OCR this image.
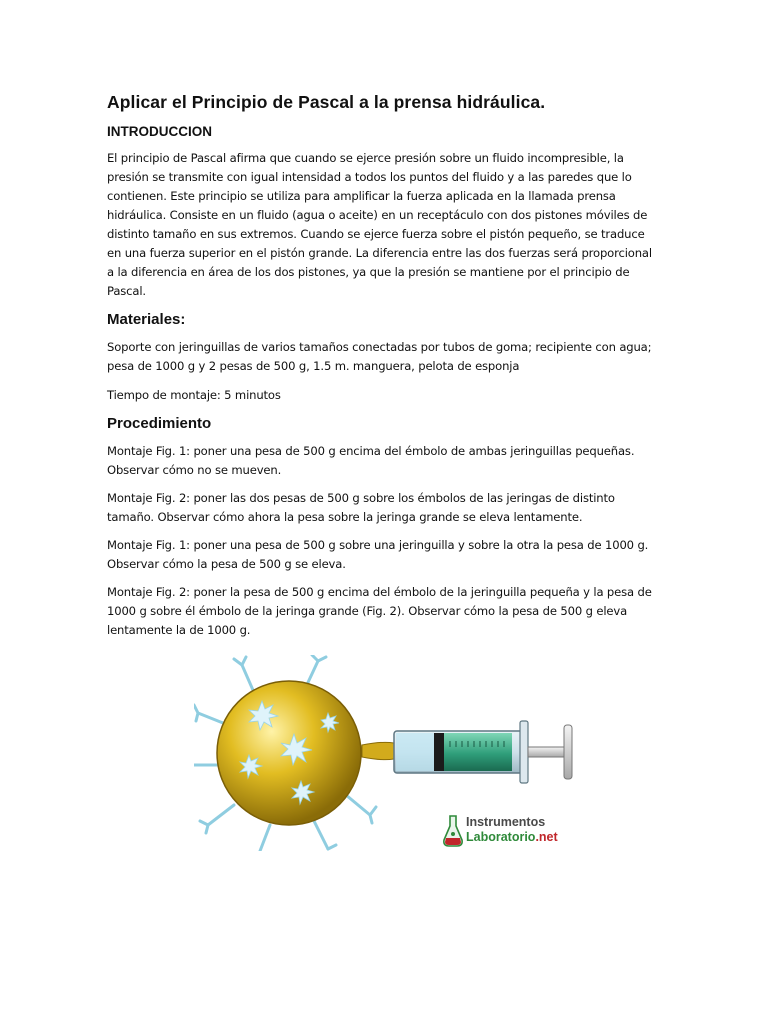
Aplicar el Principio de Pascal a la prensa hidráulica.
INTRODUCCION

El principio de Pascal afirma que cuando se ejerce presión sobre un fluido incompresible, la presión se transmite con igual intensidad a todos los puntos del fluido y a las paredes que lo contienen. Este principio se utiliza para amplificar la fuerza aplicada en la llamada prensa hidráulica. Consiste en un fluido (agua o aceite) en un receptáculo con dos pistones móviles de distinto tamaño en sus extremos. Cuando se ejerce fuerza sobre el pistón pequeño, se traduce en una fuerza superior en el pistón grande. La diferencia entre las dos fuerzas será proporcional a la diferencia en área de los dos pistones, ya que la presión se mantiene por el principio de Pascal.

Materiales:

Soporte con jeringuillas de varios tamaños conectadas por tubos de goma; recipiente con agua; pesa de 1000 g y 2 pesas de 500 g, 1.5 m. manguera, pelota de esponja

Tiempo de montaje: 5 minutos

Procedimiento

Montaje Fig. 1: poner una pesa de 500 g encima del émbolo de ambas jeringuillas pequeñas. Observar cómo no se mueven.

Montaje Fig. 2: poner las dos pesas de 500 g sobre los émbolos de las jeringas de distinto tamaño. Observar cómo ahora la pesa sobre la jeringa grande se eleva lentamente.

Montaje Fig. 1: poner una pesa de 500 g sobre una jeringuilla y sobre la otra la pesa de 1000 g. Observar cómo la pesa de 500 g se eleva.

Montaje Fig. 2: poner la pesa de 500 g encima del émbolo de la jeringuilla pequeña y la pesa de 1000 g sobre él émbolo de la jeringa grande (Fig. 2). Observar cómo la pesa de 500 g eleva lentamente la de 1000 g.

Instrumentos
Laboratorio.net
